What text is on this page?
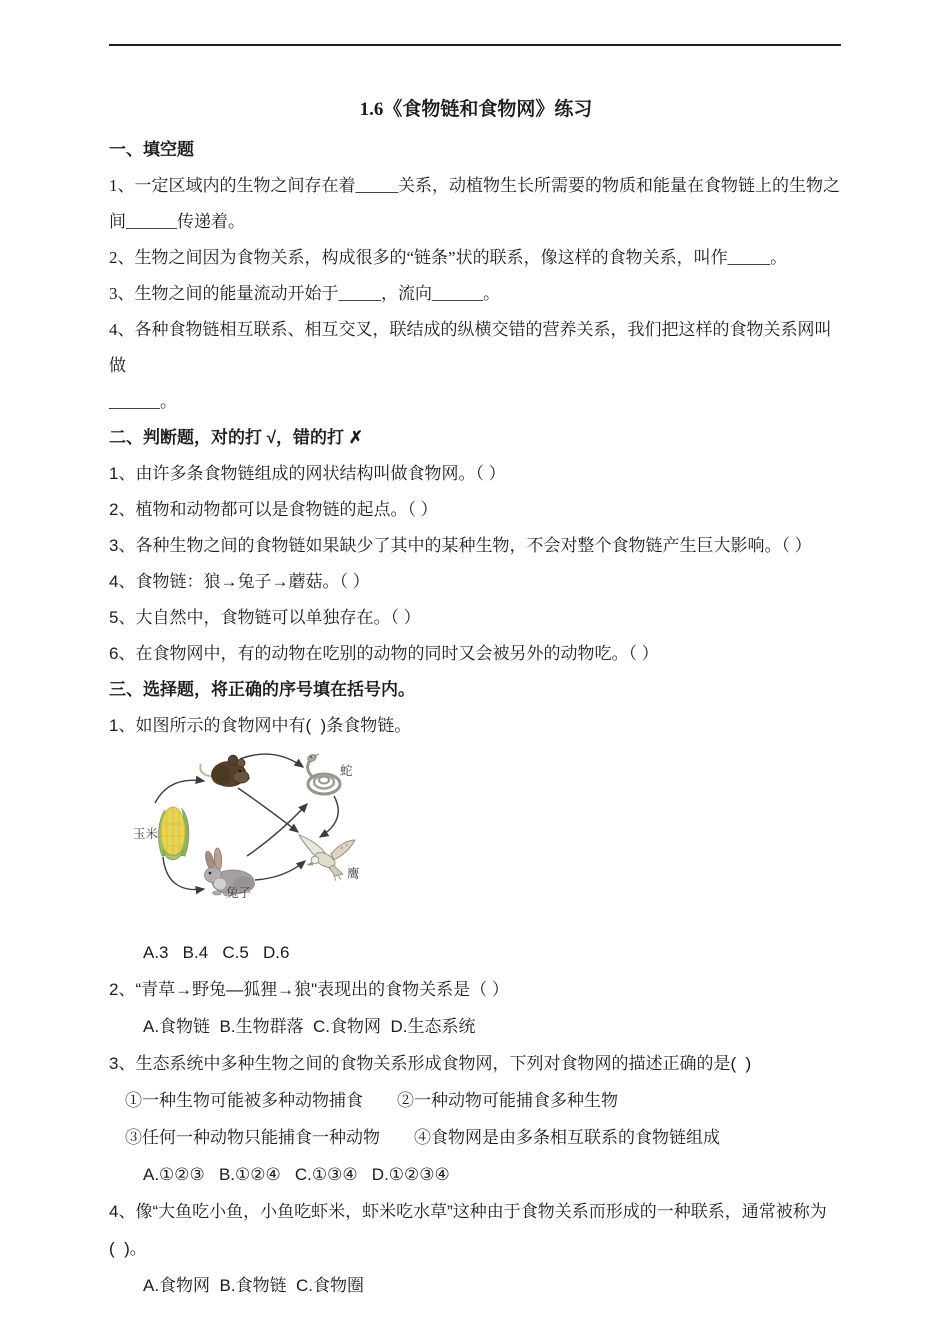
1.6《食物链和食物网》练习
一、填空题
1、一定区域内的生物之间存在着_____关系，动植物生长所需要的物质和能量在食物链上的生物之
间______传递着。
2、生物之间因为食物关系，构成很多的“链条”状的联系，像这样的食物关系，叫作_____。
3、生物之间的能量流动开始于_____，流向______。
4、各种食物链相互联系、相互交叉，联结成的纵横交错的营养关系，我们把这样的食物关系网叫做
______。
二、判断题，对的打 √，错的打 ✗
1、由许多条食物链组成的网状结构叫做食物网。（ ）
2、植物和动物都可以是食物链的起点。（ ）
3、各种生物之间的食物链如果缺少了其中的某种生物，不会对整个食物链产生巨大影响。（ ）
4、食物链：狼→兔子→蘑菇。（ ）
5、大自然中，食物链可以单独存在。（ ）
6、在食物网中，有的动物在吃别的动物的同时又会被另外的动物吃。（ ）
三、选择题，将正确的序号填在括号内。
1、如图所示的食物网中有(  )条食物链。
玉米
蛇
兔子
鹰
A.3   B.4   C.5   D.6
2、“青草→野兔—狐狸→狼"表现出的食物关系是（ ）
A.食物链  B.生物群落  C.食物网  D.生态系统
3、生态系统中多种生物之间的食物关系形成食物网，下列对食物网的描述正确的是(  )
①一种生物可能被多种动物捕食　　②一种动物可能捕食多种生物
③任何一种动物只能捕食一种动物　　④食物网是由多条相互联系的食物链组成
A.①②③   B.①②④   C.①③④   D.①②③④
4、像“大鱼吃小鱼，小鱼吃虾米，虾米吃水草”这种由于食物关系而形成的一种联系，通常被称为
(  )。
A.食物网  B.食物链  C.食物圈
